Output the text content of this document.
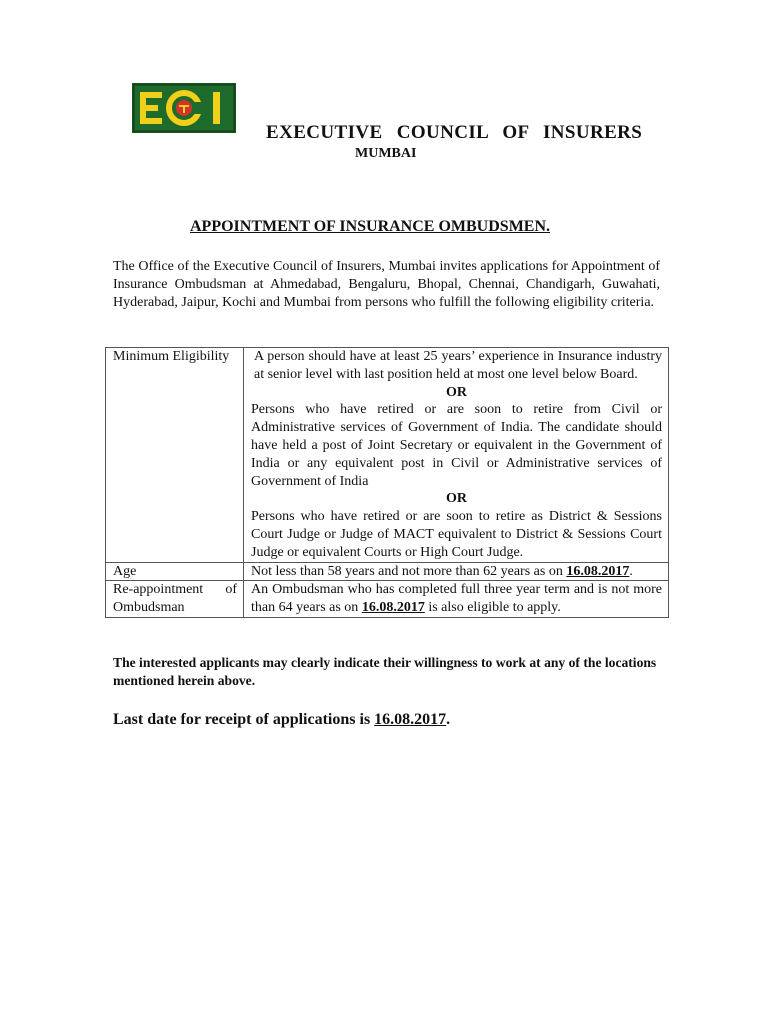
EXECUTIVE COUNCIL OF INSURERS
MUMBAI
APPOINTMENT OF INSURANCE OMBUDSMEN.
The Office of the Executive Council of Insurers, Mumbai invites applications for Appointment of Insurance Ombudsman at Ahmedabad, Bengaluru, Bhopal, Chennai, Chandigarh, Guwahati, Hyderabad, Jaipur, Kochi and Mumbai from persons who fulfill the following eligibility criteria.
Minimum Eligibility	A person should have at least 25 years’ experience in Insurance industry at senior level with last position held at most one level below Board.
OR
Persons who have retired or are soon to retire from Civil or Administrative services of Government of India. The candidate should have held a post of Joint Secretary or equivalent in the Government of India or any equivalent post in Civil or Administrative services of Government of India
OR
Persons who have retired or are soon to retire as District & Sessions Court Judge or Judge of MACT equivalent to District & Sessions Court Judge or equivalent Courts or High Court Judge.

Age	Not less than 58 years and not more than 62 years as on 16.08.2017.

Re-appointment of
Ombudsman	An Ombudsman who has completed full three year term and is not more than 64 years as on 16.08.2017 is also eligible to apply.
The interested applicants may clearly indicate their willingness to work at any of the locations mentioned herein above.
Last date for receipt of applications is 16.08.2017.
